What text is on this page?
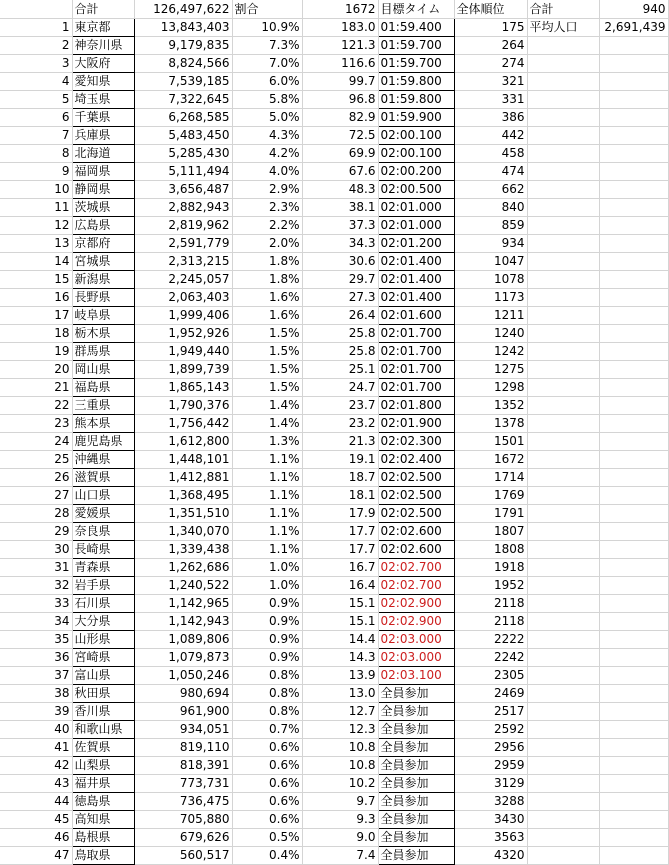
	合計	126,497,622	割合	1672	目標タイム	全体順位	合計	940
1	東京都	13,843,403	10.9%	183.0	01:59.400	175	平均人口	2,691,439
2	神奈川県	9,179,835	7.3%	121.3	01:59.700	264		
3	大阪府	8,824,566	7.0%	116.6	01:59.700	274		
4	愛知県	7,539,185	6.0%	99.7	01:59.800	321		
5	埼玉県	7,322,645	5.8%	96.8	01:59.800	331		
6	千葉県	6,268,585	5.0%	82.9	01:59.900	386		
7	兵庫県	5,483,450	4.3%	72.5	02:00.100	442		
8	北海道	5,285,430	4.2%	69.9	02:00.100	458		
9	福岡県	5,111,494	4.0%	67.6	02:00.200	474		
10	静岡県	3,656,487	2.9%	48.3	02:00.500	662		
11	茨城県	2,882,943	2.3%	38.1	02:01.000	840		
12	広島県	2,819,962	2.2%	37.3	02:01.000	859		
13	京都府	2,591,779	2.0%	34.3	02:01.200	934		
14	宮城県	2,313,215	1.8%	30.6	02:01.400	1047		
15	新潟県	2,245,057	1.8%	29.7	02:01.400	1078		
16	長野県	2,063,403	1.6%	27.3	02:01.400	1173		
17	岐阜県	1,999,406	1.6%	26.4	02:01.600	1211		
18	栃木県	1,952,926	1.5%	25.8	02:01.700	1240		
19	群馬県	1,949,440	1.5%	25.8	02:01.700	1242		
20	岡山県	1,899,739	1.5%	25.1	02:01.700	1275		
21	福島県	1,865,143	1.5%	24.7	02:01.700	1298		
22	三重県	1,790,376	1.4%	23.7	02:01.800	1352		
23	熊本県	1,756,442	1.4%	23.2	02:01.900	1378		
24	鹿児島県	1,612,800	1.3%	21.3	02:02.300	1501		
25	沖縄県	1,448,101	1.1%	19.1	02:02.400	1672		
26	滋賀県	1,412,881	1.1%	18.7	02:02.500	1714		
27	山口県	1,368,495	1.1%	18.1	02:02.500	1769		
28	愛媛県	1,351,510	1.1%	17.9	02:02.500	1791		
29	奈良県	1,340,070	1.1%	17.7	02:02.600	1807		
30	長崎県	1,339,438	1.1%	17.7	02:02.600	1808		
31	青森県	1,262,686	1.0%	16.7	02:02.700	1918		
32	岩手県	1,240,522	1.0%	16.4	02:02.700	1952		
33	石川県	1,142,965	0.9%	15.1	02:02.900	2118		
34	大分県	1,142,943	0.9%	15.1	02:02.900	2118		
35	山形県	1,089,806	0.9%	14.4	02:03.000	2222		
36	宮崎県	1,079,873	0.9%	14.3	02:03.000	2242		
37	富山県	1,050,246	0.8%	13.9	02:03.100	2305		
38	秋田県	980,694	0.8%	13.0	全員参加	2469		
39	香川県	961,900	0.8%	12.7	全員参加	2517		
40	和歌山県	934,051	0.7%	12.3	全員参加	2592		
41	佐賀県	819,110	0.6%	10.8	全員参加	2956		
42	山梨県	818,391	0.6%	10.8	全員参加	2959		
43	福井県	773,731	0.6%	10.2	全員参加	3129		
44	徳島県	736,475	0.6%	9.7	全員参加	3288		
45	高知県	705,880	0.6%	9.3	全員参加	3430		
46	島根県	679,626	0.5%	9.0	全員参加	3563		
47	鳥取県	560,517	0.4%	7.4	全員参加	4320		
